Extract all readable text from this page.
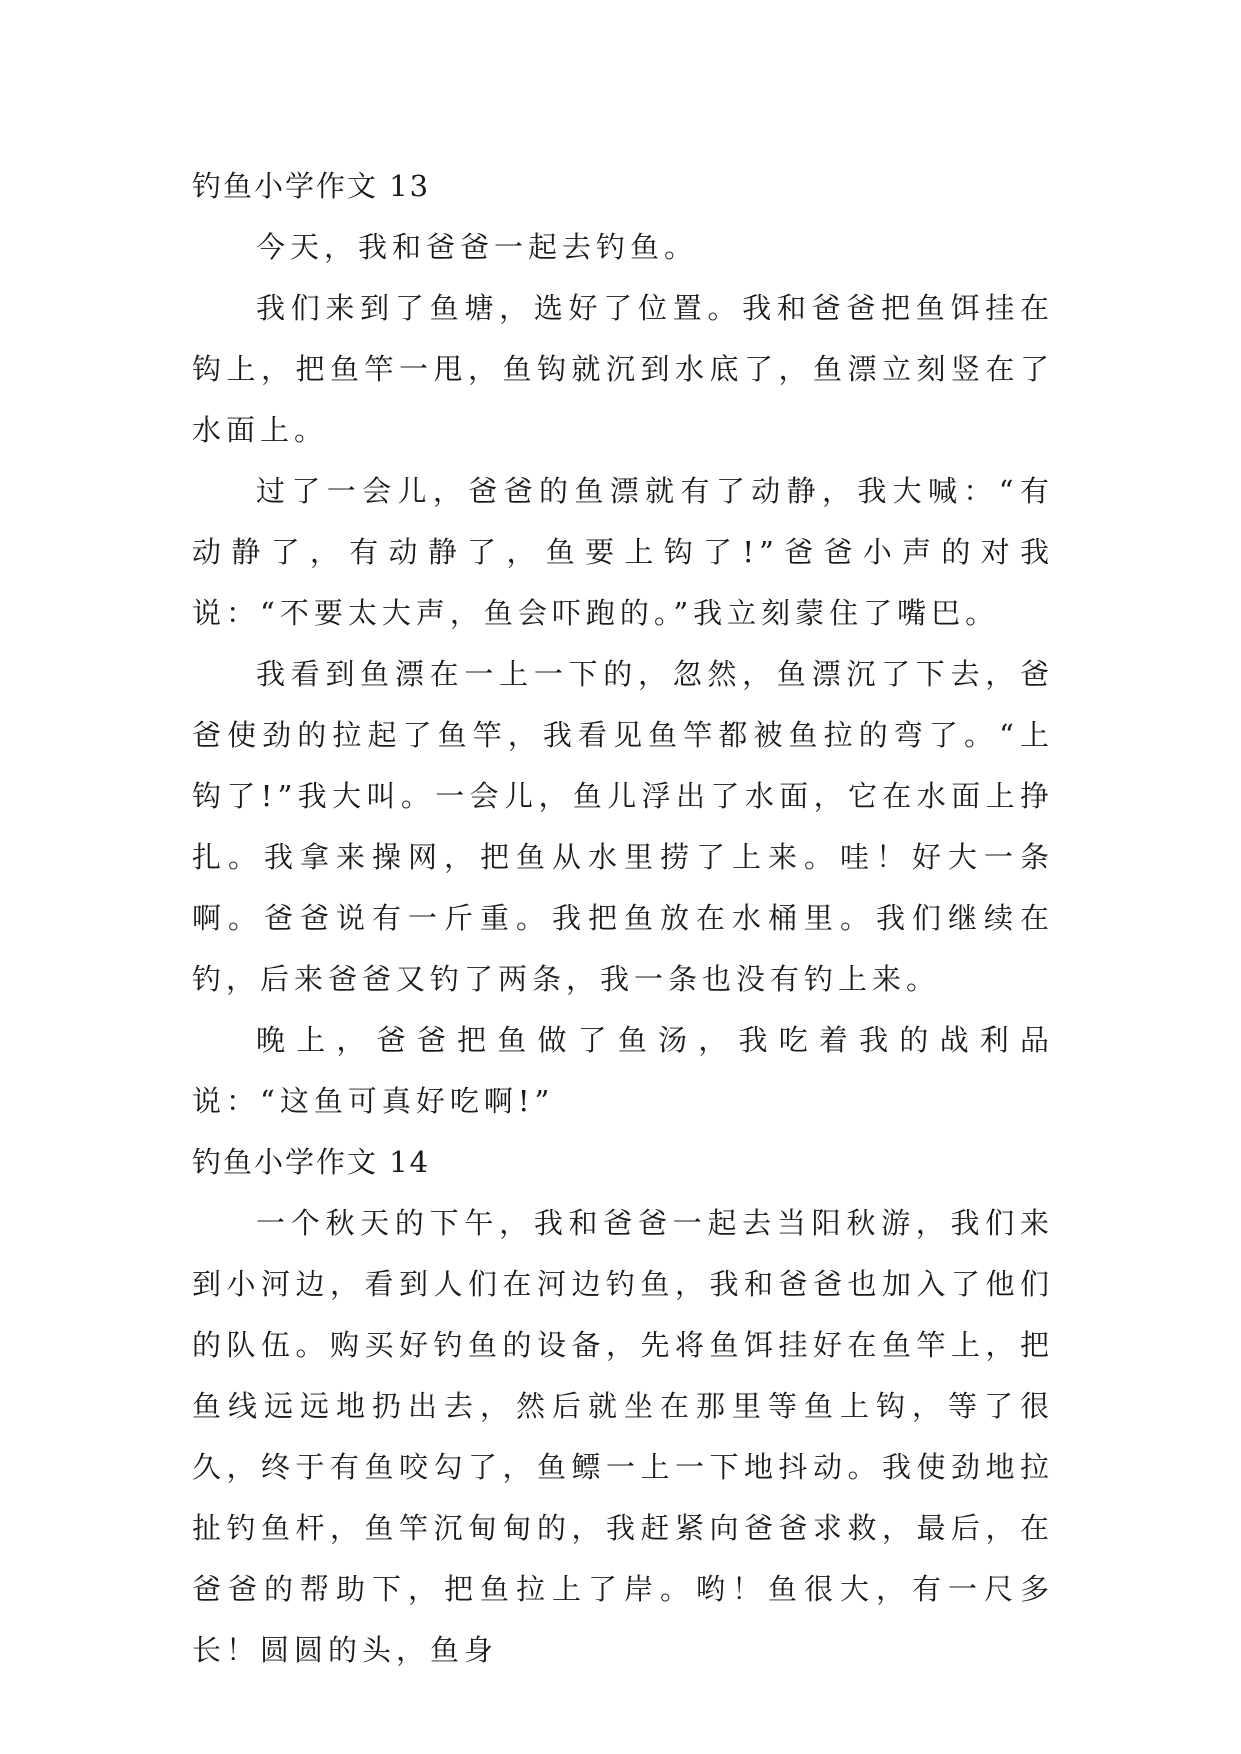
钓鱼小学作文 13

今天，我和爸爸一起去钓鱼。

我们来到了鱼塘，选好了位置。我和爸爸把鱼饵挂在钩上，把鱼竿一甩，鱼钩就沉到水底了，鱼漂立刻竖在了水面上。

过了一会儿，爸爸的鱼漂就有了动静，我大喊：“有动静了，有动静了，鱼要上钩了!”爸爸小声的对我说：“不要太大声，鱼会吓跑的。”我立刻蒙住了嘴巴。

我看到鱼漂在一上一下的，忽然，鱼漂沉了下去，爸爸使劲的拉起了鱼竿，我看见鱼竿都被鱼拉的弯了。“上钩了!”我大叫。一会儿，鱼儿浮出了水面，它在水面上挣扎。我拿来操网，把鱼从水里捞了上来。哇！好大一条啊。爸爸说有一斤重。我把鱼放在水桶里。我们继续在钓，后来爸爸又钓了两条，我一条也没有钓上来。

晚上，爸爸把鱼做了鱼汤，我吃着我的战利品说：“这鱼可真好吃啊!”

钓鱼小学作文 14

一个秋天的下午，我和爸爸一起去当阳秋游，我们来到小河边，看到人们在河边钓鱼，我和爸爸也加入了他们的队伍。购买好钓鱼的设备，先将鱼饵挂好在鱼竿上，把鱼线远远地扔出去，然后就坐在那里等鱼上钩，等了很久，终于有鱼咬勾了，鱼鳔一上一下地抖动。我使劲地拉扯钓鱼杆，鱼竿沉甸甸的，我赶紧向爸爸求救，最后，在爸爸的帮助下，把鱼拉上了岸。哟！鱼很大，有一尺多长！圆圆的头，鱼身
